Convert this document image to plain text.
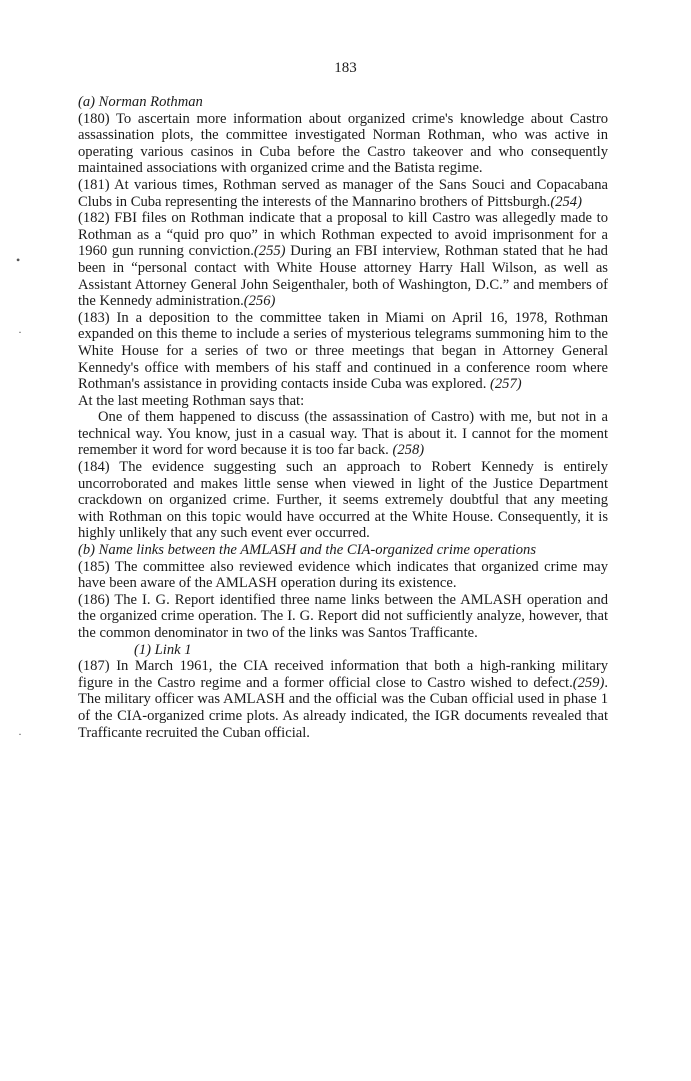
183
•
·
·

(a) Norman Rothman

(180) To ascertain more information about organized crime's knowledge about Castro assassination plots, the committee investigated Norman Rothman, who was active in operating various casinos in Cuba before the Castro takeover and who consequently maintained associations with organized crime and the Batista regime.

(181) At various times, Rothman served as manager of the Sans Souci and Copacabana Clubs in Cuba representing the interests of the Mannarino brothers of Pittsburgh.(254)

(182) FBI files on Rothman indicate that a proposal to kill Castro was allegedly made to Rothman as a “quid pro quo” in which Rothman expected to avoid imprisonment for a 1960 gun running conviction.(255) During an FBI interview, Rothman stated that he had been in “personal contact with White House attorney Harry Hall Wilson, as well as Assistant Attorney General John Seigenthaler, both of Washington, D.C.” and members of the Kennedy administration.(256)

(183) In a deposition to the committee taken in Miami on April 16, 1978, Rothman expanded on this theme to include a series of mysterious telegrams summoning him to the White House for a series of two or three meetings that began in Attorney General Kennedy's office with members of his staff and continued in a conference room where Rothman's assistance in providing contacts inside Cuba was explored. (257)

At the last meeting Rothman says that:

One of them happened to discuss (the assassination of Castro) with me, but not in a technical way. You know, just in a casual way. That is about it. I cannot for the moment remember it word for word because it is too far back. (258)

(184) The evidence suggesting such an approach to Robert Kennedy is entirely uncorroborated and makes little sense when viewed in light of the Justice Department crackdown on organized crime. Further, it seems extremely doubtful that any meeting with Rothman on this topic would have occurred at the White House. Consequently, it is highly unlikely that any such event ever occurred.

(b) Name links between the AMLASH and the CIA-organized crime operations

(185) The committee also reviewed evidence which indicates that organized crime may have been aware of the AMLASH operation during its existence.

(186) The I. G. Report identified three name links between the AMLASH operation and the organized crime operation. The I. G. Report did not sufficiently analyze, however, that the common denominator in two of the links was Santos Trafficante.

(1) Link 1

(187) In March 1961, the CIA received information that both a high-ranking military figure in the Castro regime and a former official close to Castro wished to defect.(259). The military officer was AMLASH and the official was the Cuban official used in phase 1 of the CIA-organized crime plots. As already indicated, the IGR documents revealed that Trafficante recruited the Cuban official.
